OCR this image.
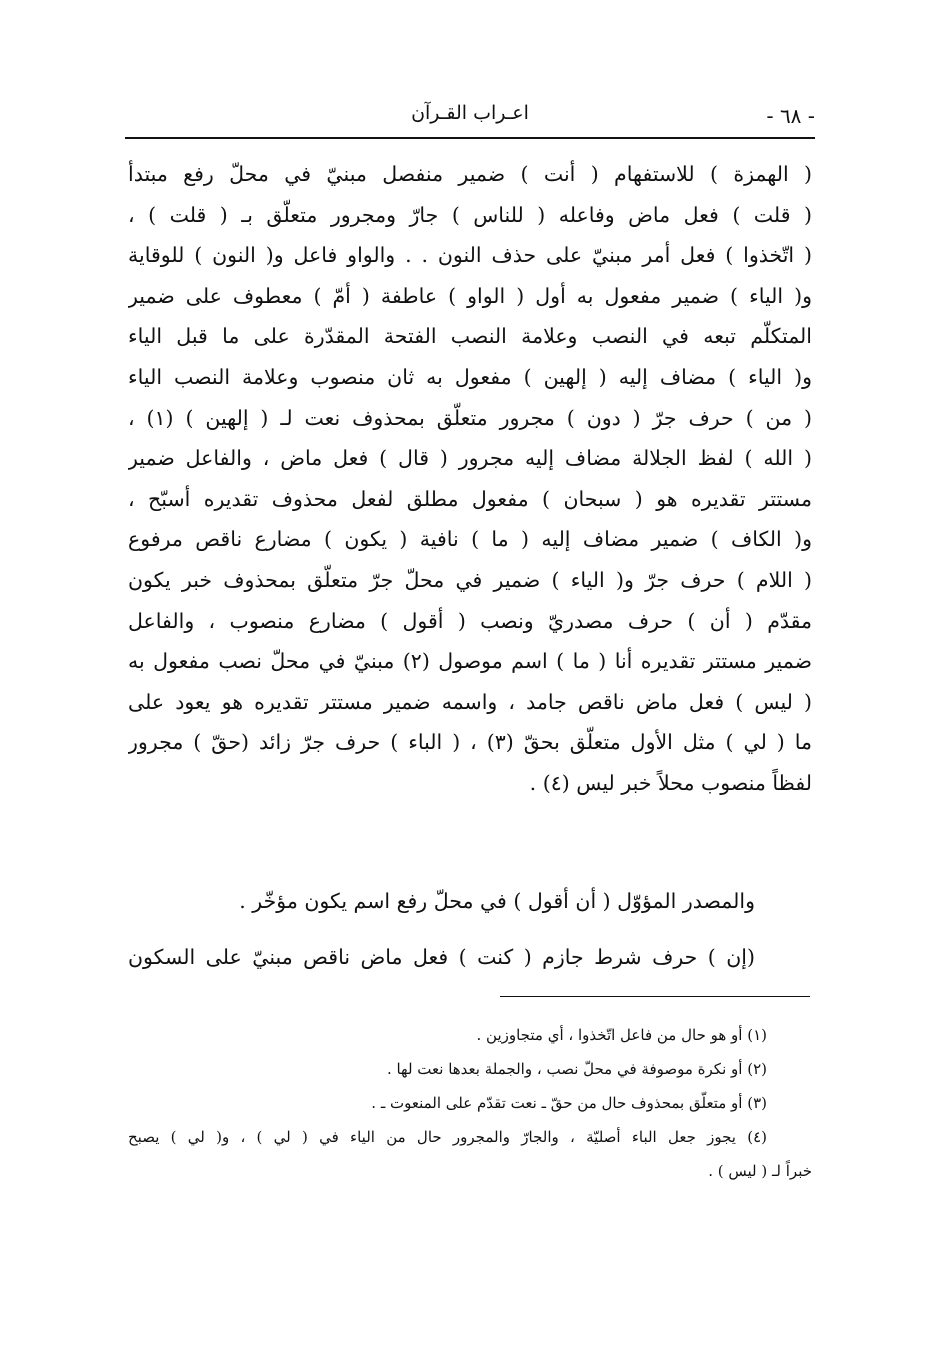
- ٦٨ -
اعـراب القـرآن
( الهمزة ) للاستفهام ( أنت ) ضمير منفصل مبنيّ في محلّ رفع مبتدأ
( قلت ) فعل ماض وفاعله ( للناس ) جارّ ومجرور متعلّق بـ ( قلت ) ،
( اتّخذوا ) فعل أمر مبنيّ على حذف النون . . والواو فاعل و( النون ) للوقاية
و( الياء ) ضمير مفعول به أول ( الواو ) عاطفة ( أمّ ) معطوف على ضمير
المتكلّم تبعه في النصب وعلامة النصب الفتحة المقدّرة على ما قبل الياء
و( الياء ) مضاف إليه ( إلهين ) مفعول به ثان منصوب وعلامة النصب الياء
( من ) حرف جرّ ( دون ) مجرور متعلّق بمحذوف نعت لـ ( إلهين ) (١) ،
( الله ) لفظ الجلالة مضاف إليه مجرور ( قال ) فعل ماض ، والفاعل ضمير
مستتر تقديره هو ( سبحان ) مفعول مطلق لفعل محذوف تقديره أسبّح ،
و( الكاف ) ضمير مضاف إليه ( ما ) نافية ( يكون ) مضارع ناقص مرفوع
( اللام ) حرف جرّ و( الياء ) ضمير في محلّ جرّ متعلّق بمحذوف خبر يكون
مقدّم ( أن ) حرف مصدريّ ونصب ( أقول ) مضارع منصوب ، والفاعل
ضمير مستتر تقديره أنا ( ما ) اسم موصول (٢) مبنيّ في محلّ نصب مفعول به
( ليس ) فعل ماض ناقص جامد ، واسمه ضمير مستتر تقديره هو يعود على
ما ( لي ) مثل الأول متعلّق بحقّ (٣) ، ( الباء ) حرف جرّ زائد (حقّ ) مجرور
لفظاً منصوب محلاً خبر ليس (٤) .
والمصدر المؤوّل ( أن أقول ) في محلّ رفع اسم يكون مؤخّر .
(إن ) حرف شرط جازم ( كنت ) فعل ماض ناقص مبنيّ على السكون
(١) أو هو حال من فاعل اتّخذوا ، أي متجاوزين .
(٢) أو نكرة موصوفة في محلّ نصب ، والجملة بعدها نعت لها .
(٣) أو متعلّق بمحذوف حال من حقّ ـ نعت تقدّم على المنعوت ـ .
(٤) يجوز جعل الباء أصليّة ، والجارّ والمجرور حال من الياء في ( لي ) ، و( لي ) يصبح
خبراً لـ ( ليس ) .
